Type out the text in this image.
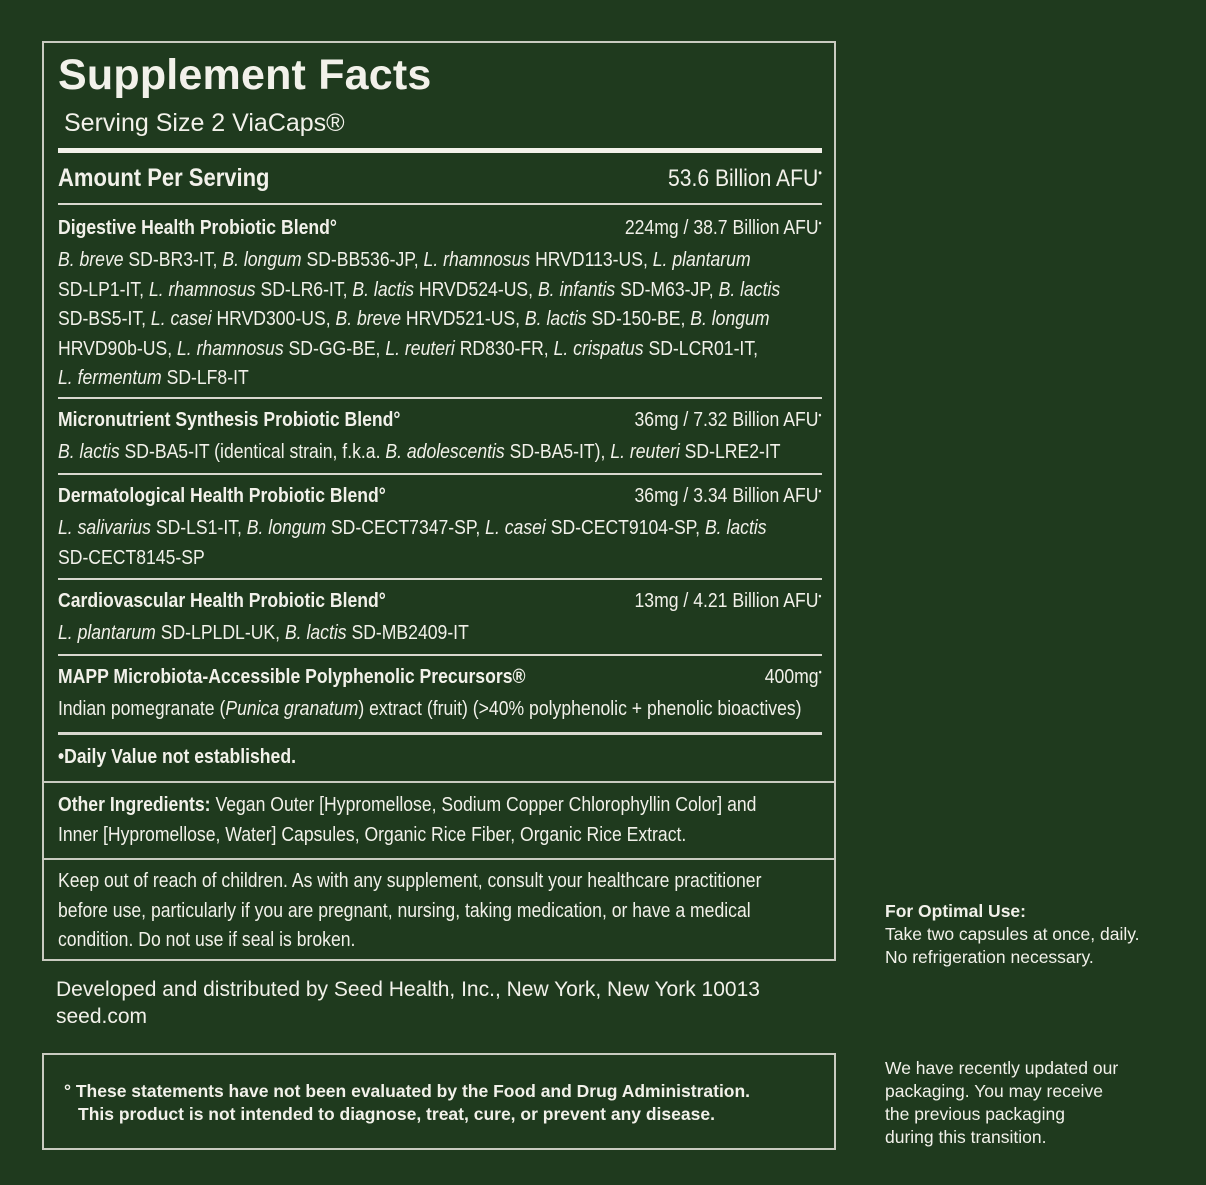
Supplement Facts
Serving Size 2 ViaCaps®
Amount Per Serving	53.6 Billion AFU•
Digestive Health Probiotic Blend°	224mg / 38.7 Billion AFU•
B. breve SD-BR3-IT, B. longum SD-BB536-JP, L. rhamnosus HRVD113-US, L. plantarum
SD-LP1-IT, L. rhamnosus SD-LR6-IT, B. lactis HRVD524-US, B. infantis SD-M63-JP, B. lactis
SD-BS5-IT, L. casei HRVD300-US, B. breve HRVD521-US, B. lactis SD-150-BE, B. longum
HRVD90b-US, L. rhamnosus SD-GG-BE, L. reuteri RD830-FR, L. crispatus SD-LCR01-IT,
L. fermentum SD-LF8-IT
Micronutrient Synthesis Probiotic Blend°	36mg / 7.32 Billion AFU•
B. lactis SD-BA5-IT (identical strain, f.k.a. B. adolescentis SD-BA5-IT), L. reuteri SD-LRE2-IT
Dermatological Health Probiotic Blend°	36mg / 3.34 Billion AFU•
L. salivarius SD-LS1-IT, B. longum SD-CECT7347-SP, L. casei SD-CECT9104-SP, B. lactis
SD-CECT8145-SP
Cardiovascular Health Probiotic Blend°	13mg / 4.21 Billion AFU•
L. plantarum SD-LPLDL-UK, B. lactis SD-MB2409-IT
MAPP Microbiota-Accessible Polyphenolic Precursors®	400mg•
Indian pomegranate (Punica granatum) extract (fruit) (>40% polyphenolic + phenolic bioactives)
•Daily Value not established.
Other Ingredients: Vegan Outer [Hypromellose, Sodium Copper Chlorophyllin Color] and
Inner [Hypromellose, Water] Capsules, Organic Rice Fiber, Organic Rice Extract.
Keep out of reach of children. As with any supplement, consult your healthcare practitioner
before use, particularly if you are pregnant, nursing, taking medication, or have a medical
condition. Do not use if seal is broken.
Developed and distributed by Seed Health, Inc., New York, New York 10013
seed.com
° These statements have not been evaluated by the Food and Drug Administration.
This product is not intended to diagnose, treat, cure, or prevent any disease.
For Optimal Use:
Take two capsules at once, daily.
No refrigeration necessary.
We have recently updated our
packaging. You may receive
the previous packaging
during this transition.
